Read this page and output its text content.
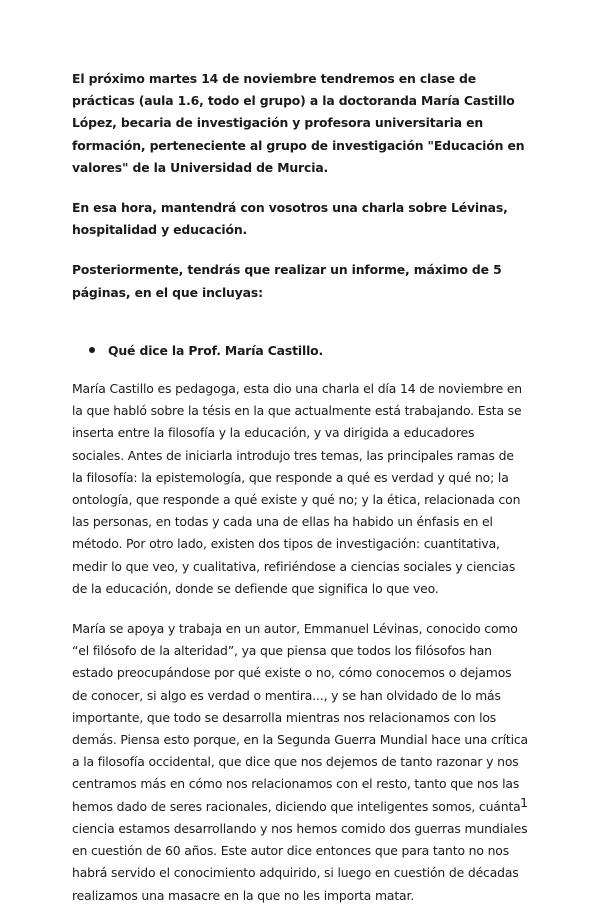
El próximo martes 14 de noviembre tendremos en clase de prácticas (aula 1.6, todo el grupo) a la doctoranda María Castillo López, becaria de investigación y profesora universitaria en formación, perteneciente al grupo de investigación "Educación en valores" de la Universidad de Murcia.

En esa hora, mantendrá con vosotros una charla sobre Lévinas, hospitalidad y educación.

Posteriormente, tendrás que realizar un informe, máximo de 5 páginas, en el que incluyas:

Qué dice la Prof. María Castillo.

María Castillo es pedagoga, esta dio una charla el día 14 de noviembre en la que habló sobre la tésis en la que actualmente está trabajando. Esta se inserta entre la filosofía y la educación, y va dirigida a educadores sociales. Antes de iniciarla introdujo tres temas, las principales ramas de la filosofía: la epistemología, que responde a qué es verdad y qué no; la ontología, que responde a qué existe y qué no; y la ética, relacionada con las personas, en todas y cada una de ellas ha habido un énfasis en el método. Por otro lado, existen dos tipos de investigación: cuantitativa, medir lo que veo, y cualitativa, refiriéndose a ciencias sociales y ciencias de la educación, donde se defiende que significa lo que veo.

María se apoya y trabaja en un autor, Emmanuel Lévinas, conocido como “el filósofo de la alteridad”, ya que piensa que todos los filósofos han estado preocupándose por qué existe o no, cómo conocemos o dejamos de conocer, si algo es verdad o mentira..., y se han olvidado de lo más importante, que todo se desarrolla mientras nos relacionamos con los demás. Piensa esto porque, en la Segunda Guerra Mundial hace una crítica a la filosofía occidental, que dice que nos dejemos de tanto razonar y nos centramos más en cómo nos relacionamos con el resto, tanto que nos las hemos dado de seres racionales, diciendo que inteligentes somos, cuánta ciencia estamos desarrollando y nos hemos comido dos guerras mundiales en cuestión de 60 años. Este autor dice entonces que para tanto no nos habrá servido el conocimiento adquirido, si luego en cuestión de décadas realizamos una masacre en la que no les importa matar.

1
